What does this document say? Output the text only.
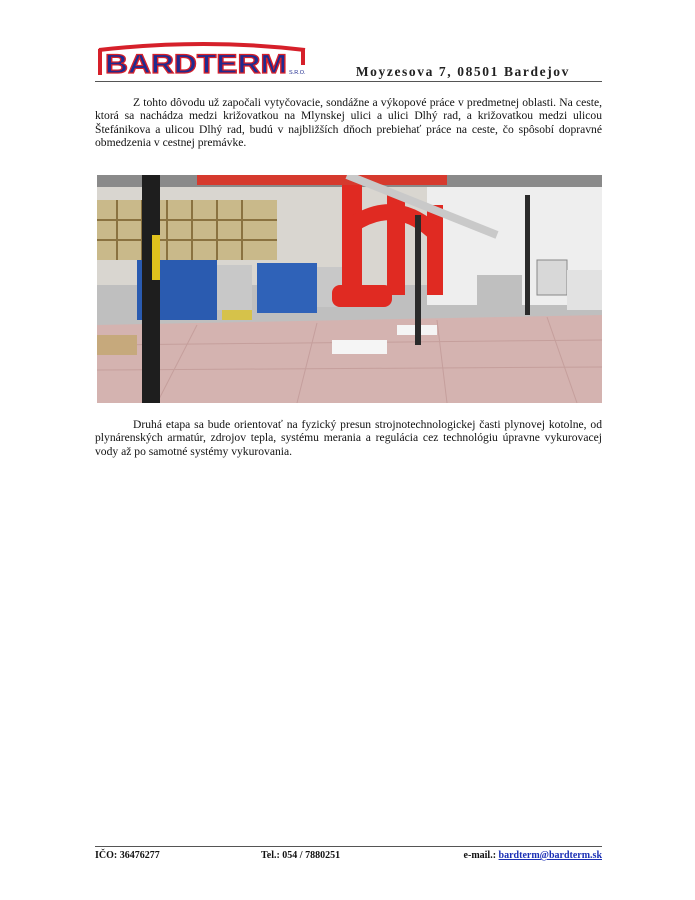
BARDTERM S.R.O.	Moyzesova 7, 08501 Bardejov

Z tohto dôvodu už započali vytyčovacie, sondážne a výkopové práce v predmetnej oblasti. Na ceste, ktorá sa nachádza medzi križovatkou na Mlynskej ulici a ulici Dlhý rad, a križovatkou medzi ulicou Štefánikova a ulicou Dlhý rad, budú v najbližších dňoch prebiehať práce na ceste, čo spôsobí dopravné obmedzenia v cestnej premávke.

Druhá etapa sa bude orientovať na fyzický presun strojnotechnologickej časti plynovej kotolne, od plynárenských armatúr, zdrojov tepla, systému merania a regulácia cez technológiu úpravne vykurovacej vody až po samotné systémy vykurovania.

IČO: 36476277	Tel.: 054 / 7880251	e-mail.: bardterm@bardterm.sk
